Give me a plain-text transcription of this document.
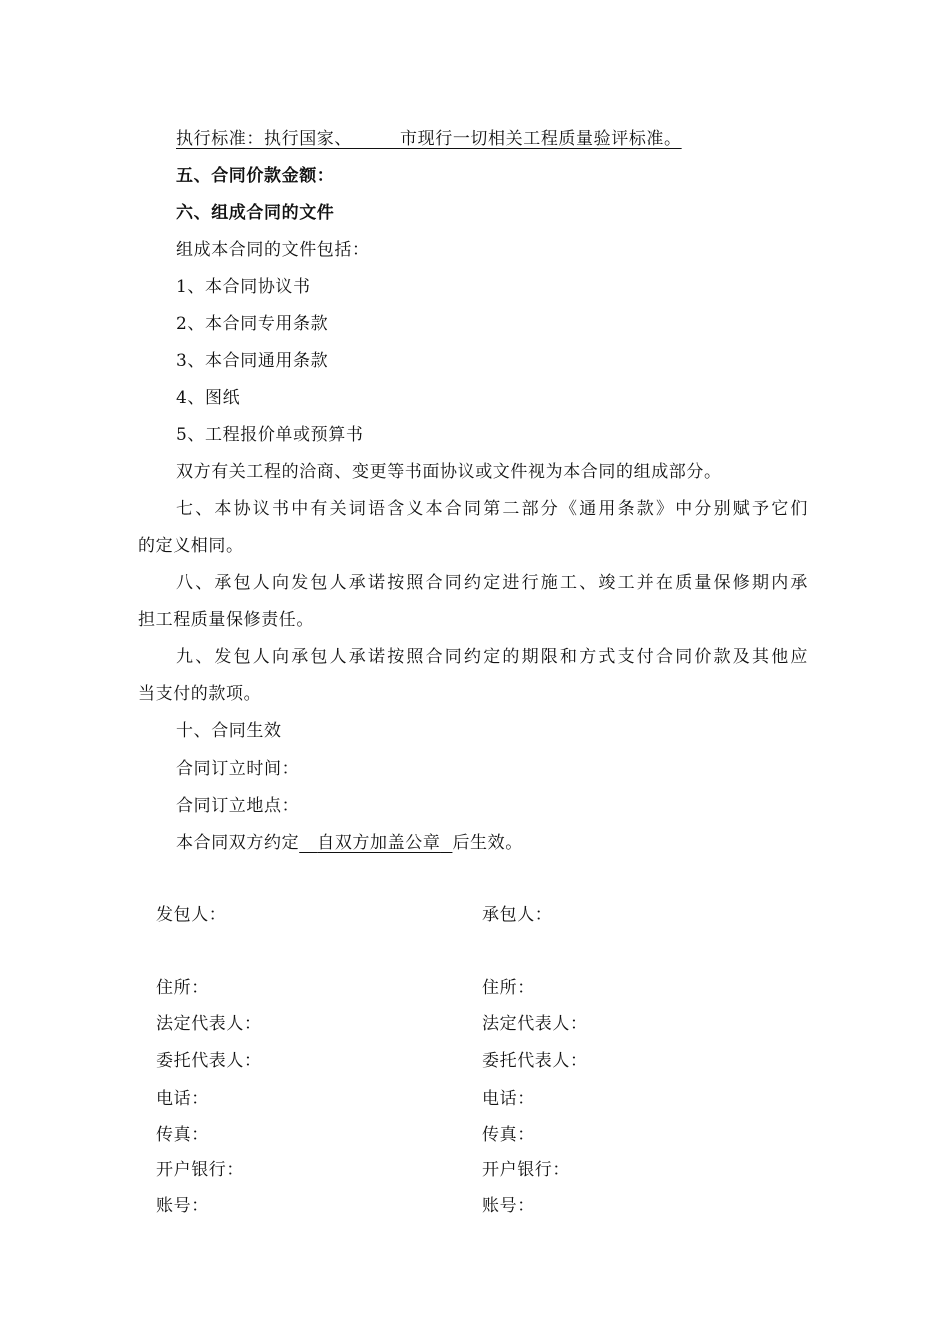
执行标准：执行国家、	市现行一切相关工程质量验评标准。
五、合同价款金额：
六、组成合同的文件
组成本合同的文件包括：
1、本合同协议书
2、本合同专用条款
3、本合同通用条款
4、图纸
5、工程报价单或预算书
双方有关工程的洽商、变更等书面协议或文件视为本合同的组成部分。
七、本协议书中有关词语含义本合同第二部分《通用条款》中分别赋予它们
的定义相同。
八、承包人向发包人承诺按照合同约定进行施工、竣工并在质量保修期内承
担工程质量保修责任。
九、发包人向承包人承诺按照合同约定的期限和方式支付合同价款及其他应
当支付的款项。
十、合同生效
合同订立时间：
合同订立地点：
本合同双方约定 自双方加盖公章 后生效。
发包人：
住所：
法定代表人：
委托代表人：
电话：
传真：
开户银行：
账号：
承包人：
住所：
法定代表人：
委托代表人：
电话：
传真：
开户银行：
账号：
